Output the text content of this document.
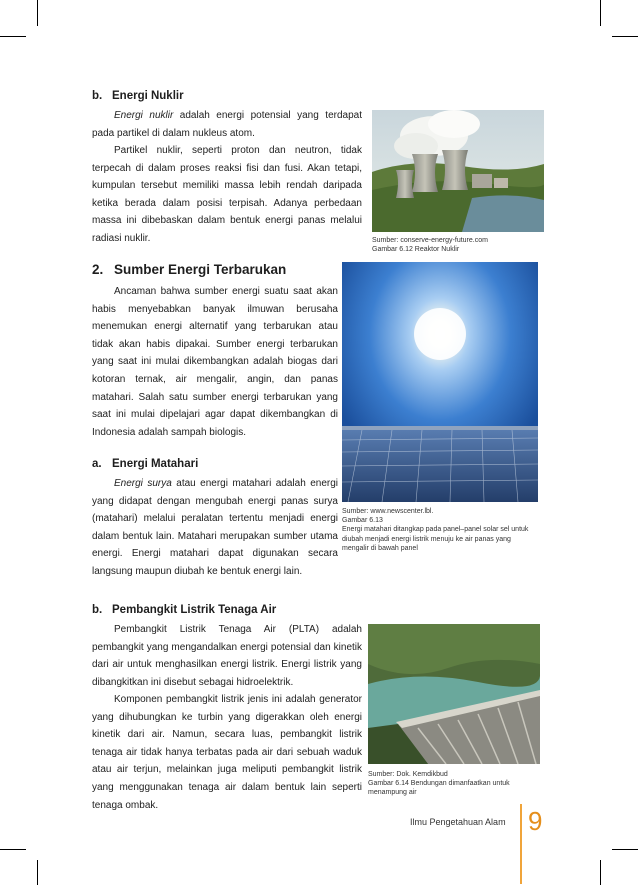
b. Energi Nuklir
Energi nuklir adalah energi potensial yang terdapat pada partikel di dalam nukleus atom.
Partikel nuklir, seperti proton dan neutron, tidak terpecah di dalam proses reaksi fisi dan fusi. Akan tetapi, kumpulan tersebut memiliki massa lebih rendah daripada ketika berada dalam posisi terpisah. Adanya perbedaan massa ini dibebaskan dalam bentuk energi panas melalui radiasi nuklir.	Sumber: conserve-energy-future.com
Gambar 6.12 Reaktor Nuklir
2. Sumber Energi Terbarukan
Ancaman bahwa sumber energi suatu saat akan habis menyebabkan banyak ilmuwan berusaha menemukan energi alternatif yang terbarukan atau tidak akan habis dipakai. Sumber energi terbarukan yang saat ini mulai dikembangkan adalah biogas dari kotoran ternak, air mengalir, angin, dan panas matahari. Salah satu sumber energi terbarukan yang saat ini mulai dipelajari agar dapat dikembangkan di Indonesia adalah sampah biologis.
a. Energi Matahari
Energi surya atau energi matahari adalah energi yang didapat dengan mengubah energi panas surya (matahari) melalui peralatan tertentu menjadi energi dalam bentuk lain. Matahari merupakan sumber utama energi. Energi matahari dapat digunakan secara langsung maupun diubah ke bentuk energi lain.
Sumber: www.newscenter.lbl.
Gambar 6.13
Energi matahari ditangkap pada panel–panel solar sel untuk diubah menjadi energi listrik menuju ke air panas yang mengalir di bawah panel
b. Pembangkit Listrik Tenaga Air
Pembangkit Listrik Tenaga Air (PLTA) adalah pembangkit yang mengandalkan energi potensial dan kinetik dari air untuk menghasilkan energi listrik. Energi listrik yang dibangkitkan ini disebut sebagai hidroelektrik.
Komponen pembangkit listrik jenis ini adalah generator yang dihubungkan ke turbin yang digerakkan oleh energi kinetik dari air. Namun, secara luas, pembangkit listrik tenaga air tidak hanya terbatas pada air dari sebuah waduk atau air terjun, melainkan juga meliputi pembangkit listrik yang menggunakan tenaga air dalam bentuk lain seperti tenaga ombak.
Sumber: Dok. Kemdikbud
Gambar 6.14 Bendungan dimanfaatkan untuk menampung air
Ilmu Pengetahuan Alam 9
